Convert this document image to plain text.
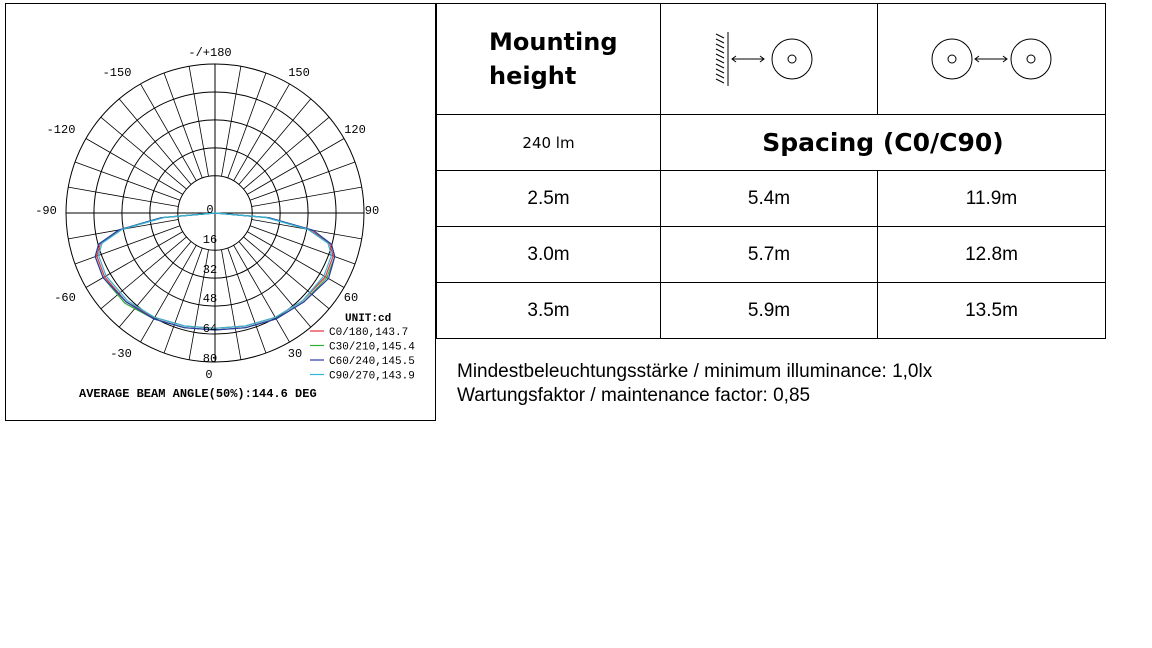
-/+180
-150	150
-120	120
-90	90
-60	60
-30	30
0
0
16
32
48
64
80
UNIT:cd
C0/180,143.7
C30/210,145.4
C60/240,145.5
C90/270,143.9
AVERAGE BEAM ANGLE(50%):144.6 DEG
Mounting
height

240 lm	Spacing (C0/C90)	
2.5m	5.4m	11.9m
3.0m	5.7m	12.8m
3.5m	5.9m	13.5m
Mindestbeleuchtungsstärke / minimum illuminance: 1,0lx
Wartungsfaktor / maintenance factor: 0,85
